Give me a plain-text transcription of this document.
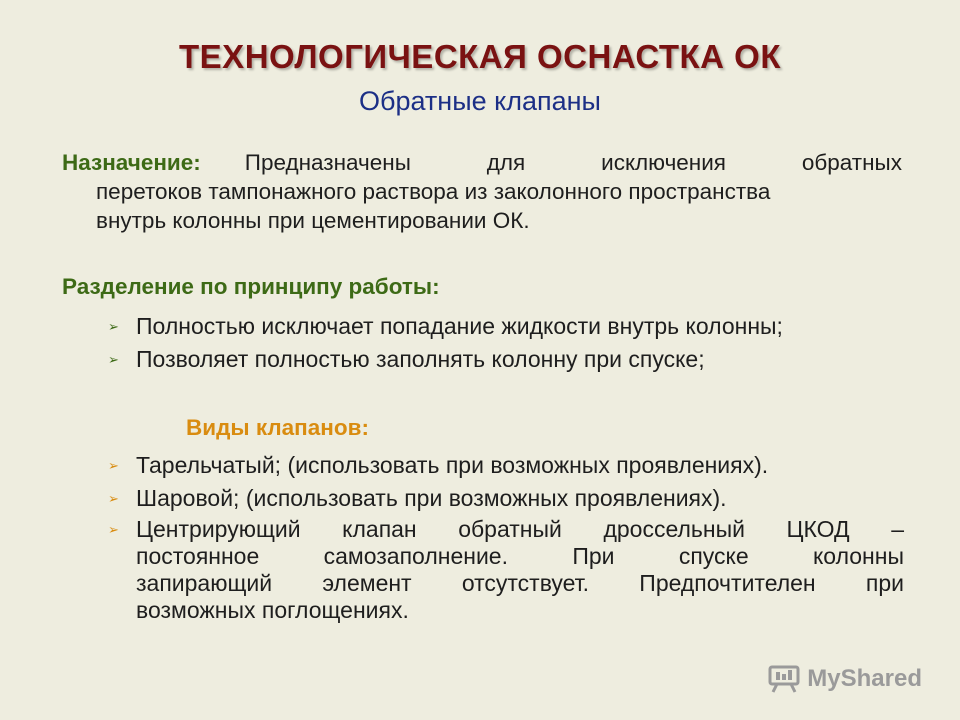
ТЕХНОЛОГИЧЕСКАЯ ОСНАСТКА ОК
Обратные клапаны
Назначение: Предназначены	для	исключения	обратных
перетоков тампонажного раствора из заколонного пространства
внутрь колонны при цементировании ОК.
Разделение по принципу работы:
➢ Полностью исключает попадание жидкости внутрь колонны;
➢ Позволяет полностью заполнять колонну при спуске;
Виды клапанов:
➢ Тарельчатый; (использовать при возможных проявлениях).
➢ Шаровой; (использовать при возможных проявлениях).
➢ Центрирующий клапан обратный дроссельный ЦКОД –
постоянное	самозаполнение.	При	спуске	колонны
запирающий элемент отсутствует. Предпочтителен при
возможных поглощениях.
MyShared
